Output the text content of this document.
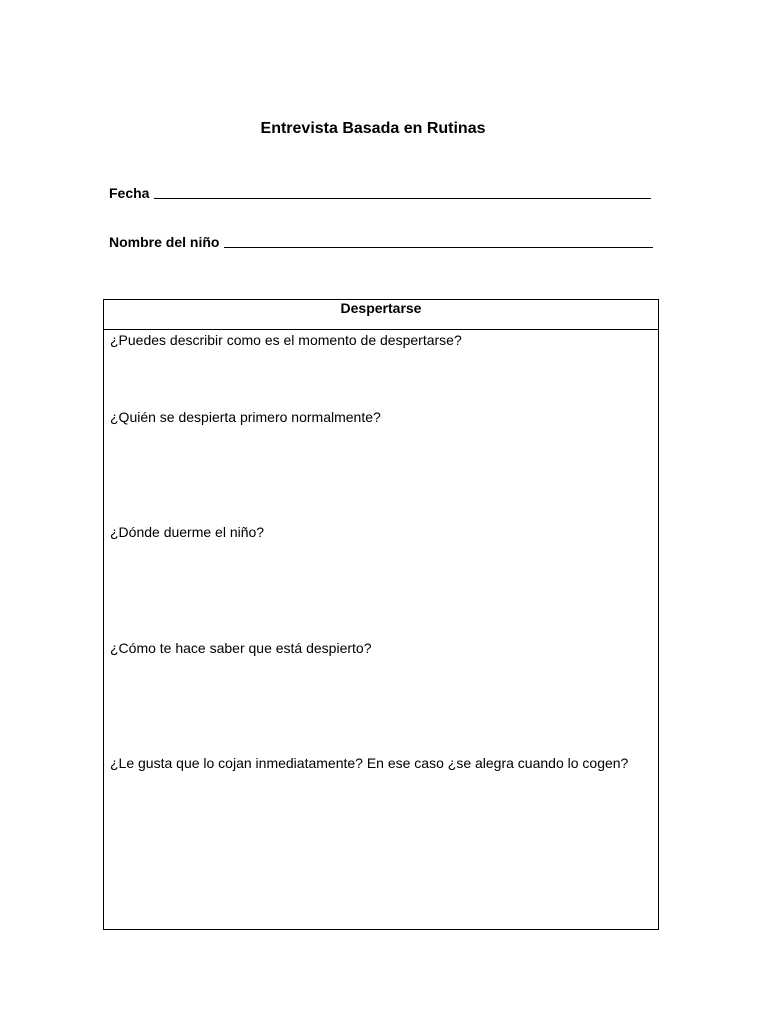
Entrevista Basada en Rutinas
Fecha
Nombre del niño
Despertarse

¿Puedes describir como es el momento de despertarse?

¿Quién se despierta primero normalmente?

¿Dónde duerme el niño?

¿Cómo te hace saber que está despierto?

¿Le gusta que lo cojan inmediatamente? En ese caso ¿se alegra cuando lo cogen?
